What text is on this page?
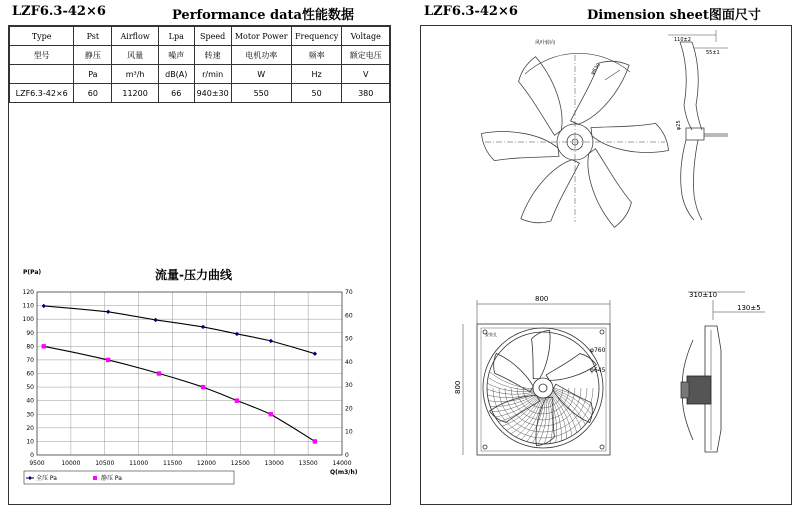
LZF6.3-42×6	Performance data性能数据	LZF6.3-42×6	Dimension sheet图面尺寸
Type	Pst	Airflow	Lpa	Speed	Motor Power	Frequency	Voltage
型号	静压	风量	噪声	转速	电机功率	频率	额定电压
	Pa	m³/h	dB(A)	r/min	W	Hz	V
LZF6.3-42×6	60	11200	66	940±30	550	50	380
流量-压力曲线
P(Pa)
Q(m3/h)
9500	10000 10500 11000 11500 12000 12500 13000 13500 14000
0
10
20
30
40
50
60
70
80
90
100
110
120
0
10
20
30
40
50
60
70
全压 Pa	静压 Pa
风叶转向
φ630
110±2
55±1
φ25
800
800
φ760
φ645
安装孔
310±10
130±5
